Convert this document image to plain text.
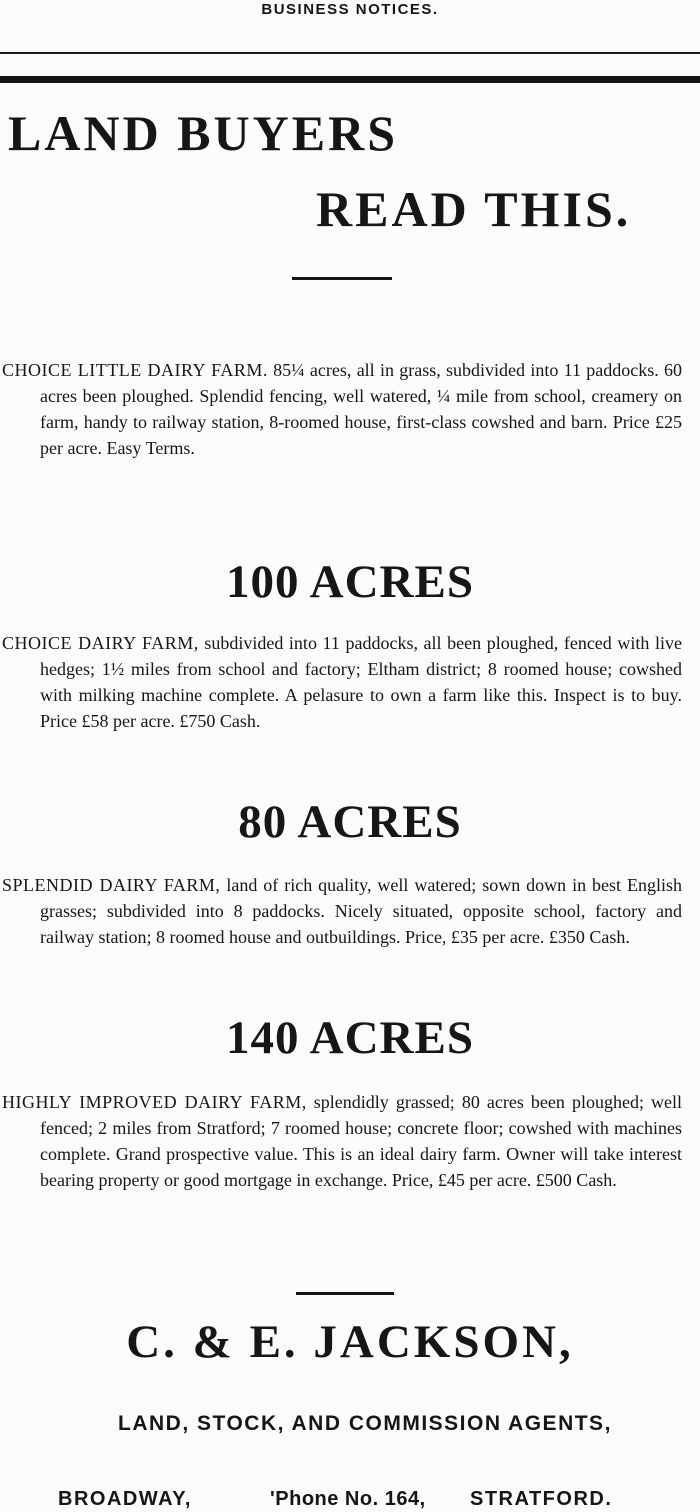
BUSINESS NOTICES.
LAND BUYERS
READ THIS.
CHOICE LITTLE DAIRY FARM. 85¼ acres, all in grass, subdivided into 11 paddocks. 60 acres been ploughed. Splendid fencing, well watered, ¼ mile from school, creamery on farm, handy to railway station, 8-roomed house, first-class cowshed and barn. Price £25 per acre. Easy Terms.
100 ACRES
CHOICE DAIRY FARM, subdivided into 11 paddocks, all been ploughed, fenced with live hedges; 1½ miles from school and factory; Eltham district; 8 roomed house; cowshed with milking machine complete. A pelasure to own a farm like this. Inspect is to buy. Price £58 per acre. £750 Cash.
80 ACRES
SPLENDID DAIRY FARM, land of rich quality, well watered; sown down in best English grasses; subdivided into 8 paddocks. Nicely situated, opposite school, factory and railway station; 8 roomed house and outbuildings. Price, £35 per acre. £350 Cash.
140 ACRES
HIGHLY IMPROVED DAIRY FARM, splendidly grassed; 80 acres been ploughed; well fenced; 2 miles from Stratford; 7 roomed house; concrete floor; cowshed with machines complete. Grand prospective value. This is an ideal dairy farm. Owner will take interest bearing property or good mortgage in exchange. Price, £45 per acre. £500 Cash.
C. & E. JACKSON,
LAND, STOCK, AND COMMISSION AGENTS,
BROADWAY,	'Phone No. 164, STRATFORD.
